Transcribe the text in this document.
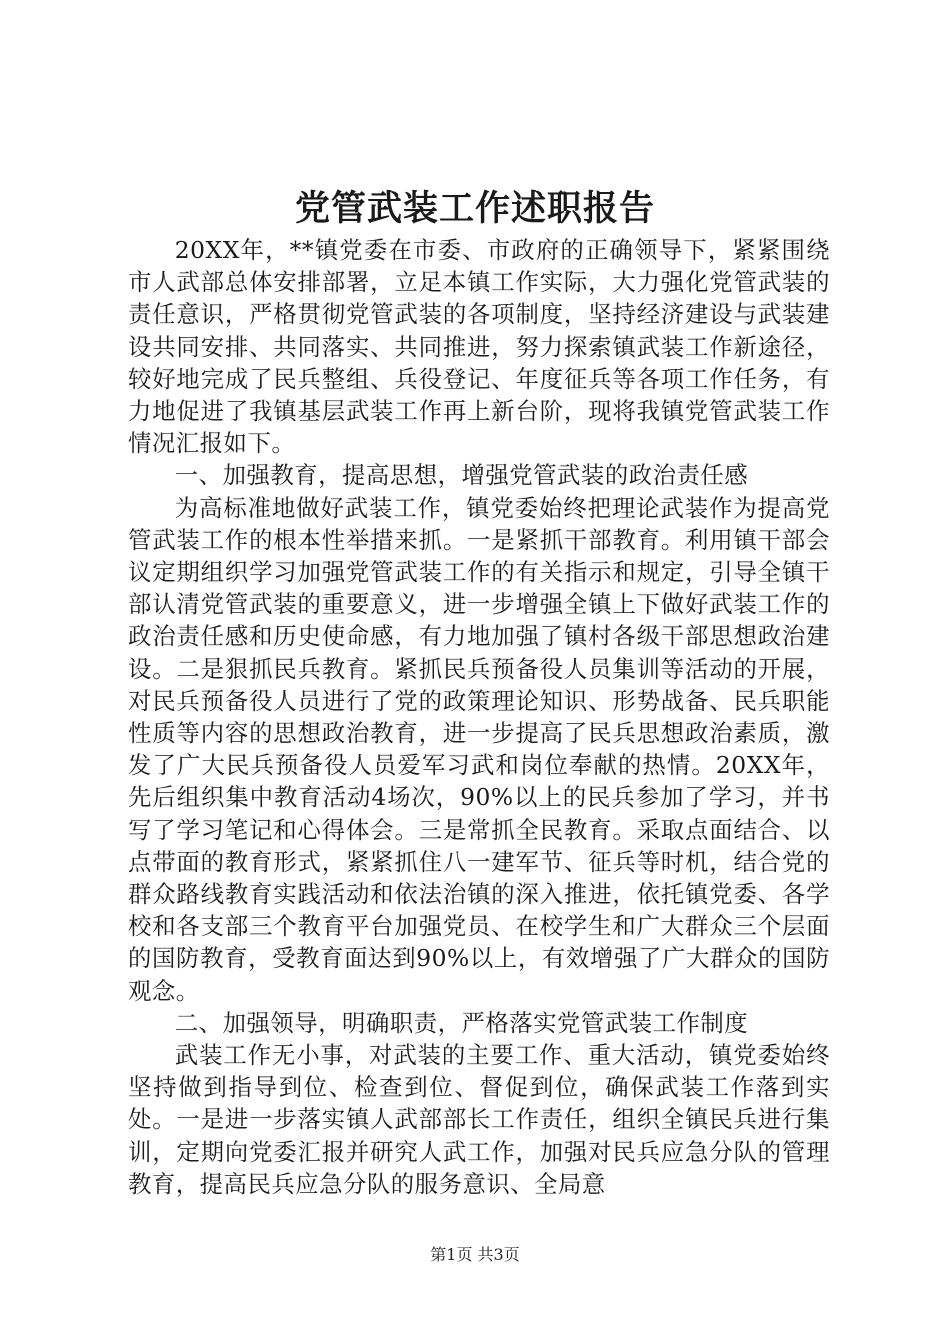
党管武装工作述职报告

20XX年，**镇党委在市委、市政府的正确领导下，紧紧围绕市人武部总体安排部署，立足本镇工作实际，大力强化党管武装的责任意识，严格贯彻党管武装的各项制度，坚持经济建设与武装建设共同安排、共同落实、共同推进，努力探索镇武装工作新途径，较好地完成了民兵整组、兵役登记、年度征兵等各项工作任务，有力地促进了我镇基层武装工作再上新台阶，现将我镇党管武装工作情况汇报如下。

一、加强教育，提高思想，增强党管武装的政治责任感

为高标准地做好武装工作，镇党委始终把理论武装作为提高党管武装工作的根本性举措来抓。一是紧抓干部教育。利用镇干部会议定期组织学习加强党管武装工作的有关指示和规定，引导全镇干部认清党管武装的重要意义，进一步增强全镇上下做好武装工作的政治责任感和历史使命感，有力地加强了镇村各级干部思想政治建设。二是狠抓民兵教育。紧抓民兵预备役人员集训等活动的开展，对民兵预备役人员进行了党的政策理论知识、形势战备、民兵职能性质等内容的思想政治教育，进一步提高了民兵思想政治素质，激发了广大民兵预备役人员爱军习武和岗位奉献的热情。20XX年，先后组织集中教育活动4场次，90%以上的民兵参加了学习，并书写了学习笔记和心得体会。三是常抓全民教育。采取点面结合、以点带面的教育形式，紧紧抓住八一建军节、征兵等时机，结合党的群众路线教育实践活动和依法治镇的深入推进，依托镇党委、各学校和各支部三个教育平台加强党员、在校学生和广大群众三个层面的国防教育，受教育面达到90%以上，有效增强了广大群众的国防观念。

二、加强领导，明确职责，严格落实党管武装工作制度

武装工作无小事，对武装的主要工作、重大活动，镇党委始终坚持做到指导到位、检查到位、督促到位，确保武装工作落到实处。一是进一步落实镇人武部部长工作责任，组织全镇民兵进行集训，定期向党委汇报并研究人武工作，加强对民兵应急分队的管理教育，提高民兵应急分队的服务意识、全局意

第1页 共3页
